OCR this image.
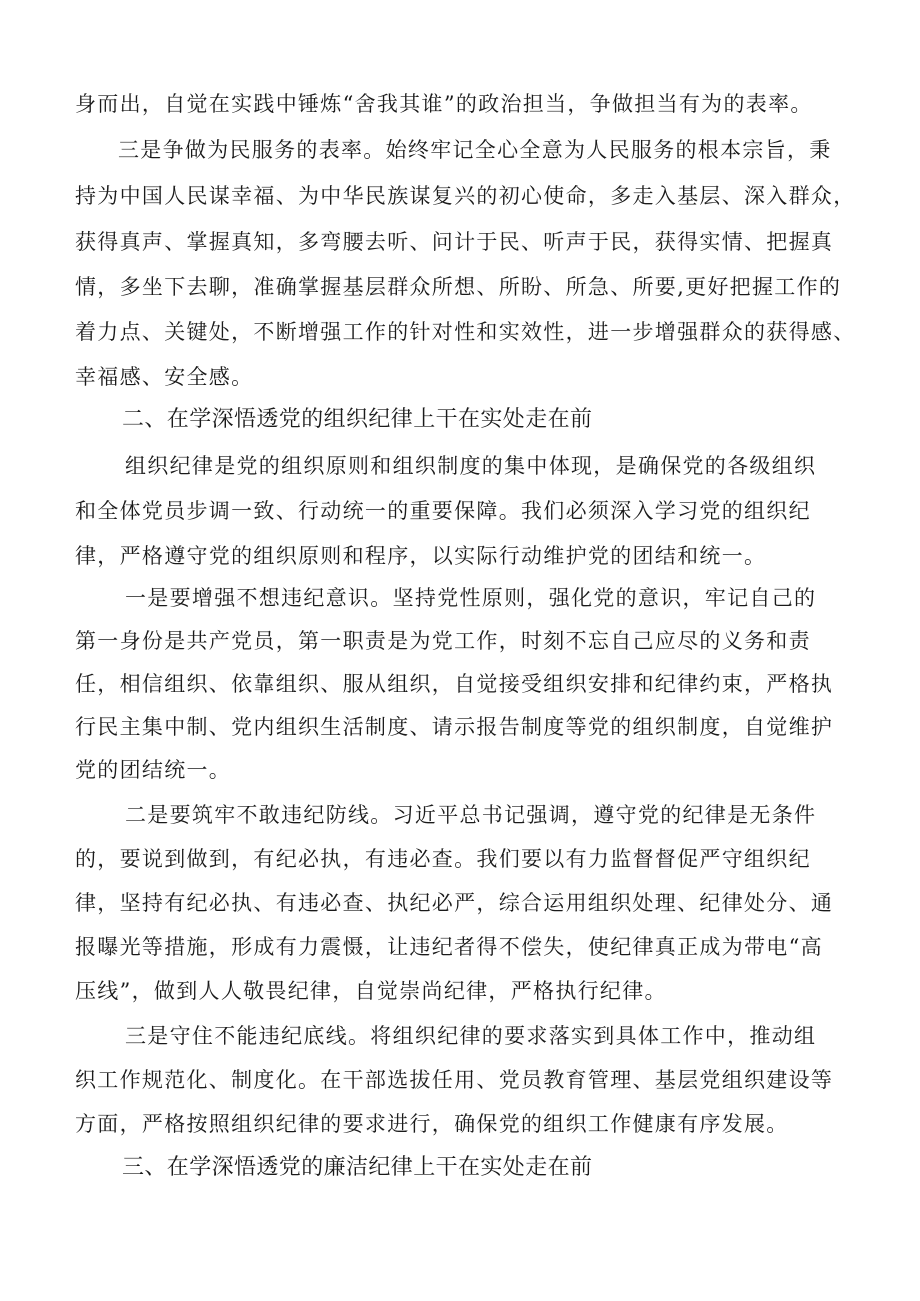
身而出，自觉在实践中锤炼“舍我其谁”的政治担当，争做担当有为的表率。
三是争做为民服务的表率。始终牢记全心全意为人民服务的根本宗旨，秉
持为中国人民谋幸福、为中华民族谋复兴的初心使命，多走入基层、深入群众，
获得真声、掌握真知，多弯腰去听、问计于民、听声于民，获得实情、把握真
情，多坐下去聊，准确掌握基层群众所想、所盼、所急、所要,更好把握工作的
着力点、关键处，不断增强工作的针对性和实效性，进一步增强群众的获得感、
幸福感、安全感。
二、在学深悟透党的组织纪律上干在实处走在前
组织纪律是党的组织原则和组织制度的集中体现，是确保党的各级组织
和全体党员步调一致、行动统一的重要保障。我们必须深入学习党的组织纪
律，严格遵守党的组织原则和程序，以实际行动维护党的团结和统一。
一是要增强不想违纪意识。坚持党性原则，强化党的意识，牢记自己的
第一身份是共产党员，第一职责是为党工作，时刻不忘自己应尽的义务和责
任，相信组织、依靠组织、服从组织，自觉接受组织安排和纪律约束，严格执
行民主集中制、党内组织生活制度、请示报告制度等党的组织制度，自觉维护
党的团结统一。
二是要筑牢不敢违纪防线。习近平总书记强调，遵守党的纪律是无条件
的，要说到做到，有纪必执，有违必查。我们要以有力监督督促严守组织纪
律，坚持有纪必执、有违必查、执纪必严，综合运用组织处理、纪律处分、通
报曝光等措施，形成有力震慑，让违纪者得不偿失，使纪律真正成为带电“高
压线”，做到人人敬畏纪律，自觉崇尚纪律，严格执行纪律。
三是守住不能违纪底线。将组织纪律的要求落实到具体工作中，推动组
织工作规范化、制度化。在干部选拔任用、党员教育管理、基层党组织建设等
方面，严格按照组织纪律的要求进行，确保党的组织工作健康有序发展。
三、在学深悟透党的廉洁纪律上干在实处走在前
